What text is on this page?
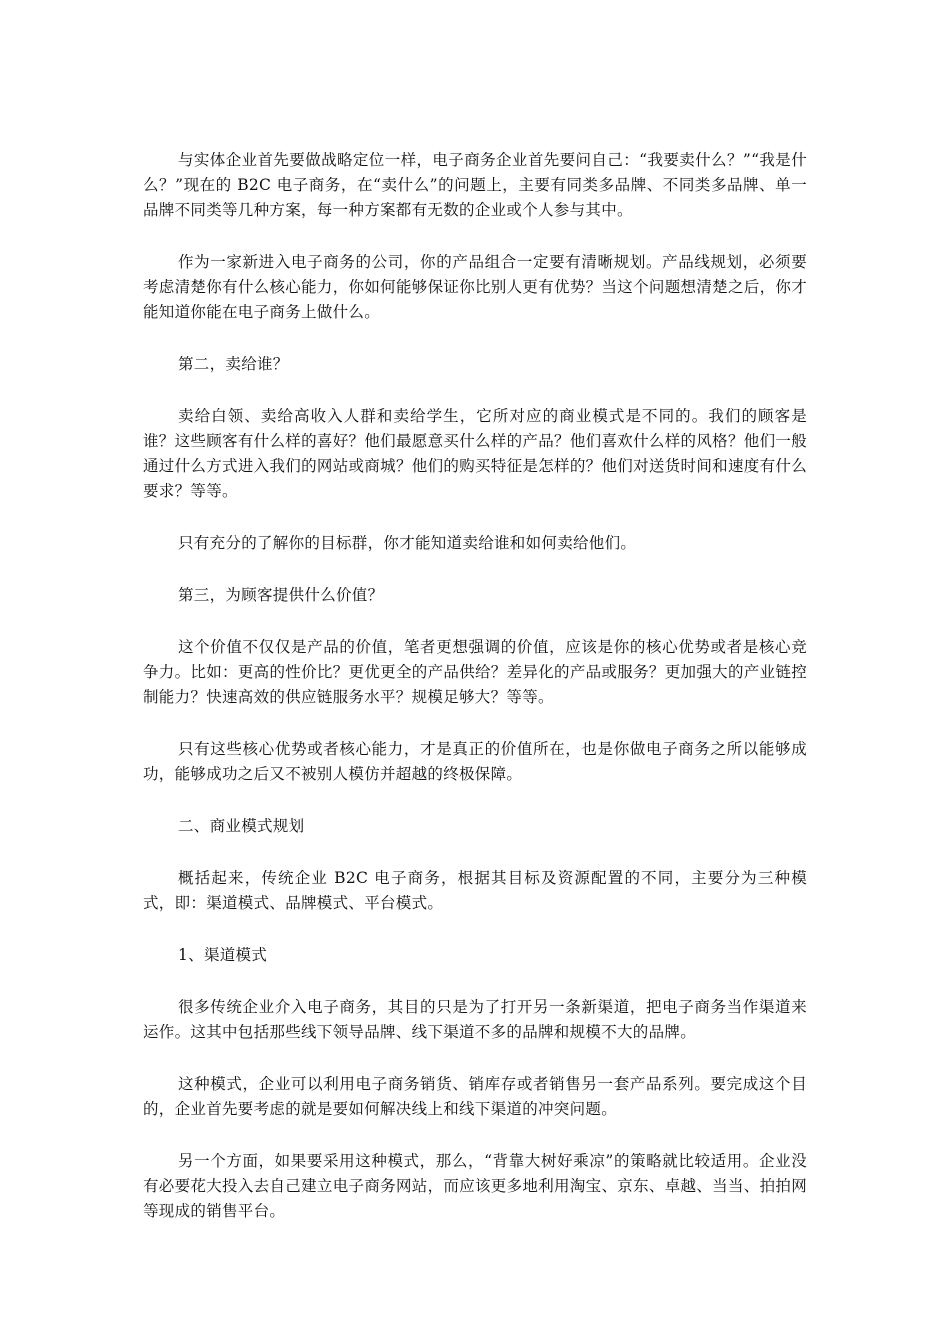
与实体企业首先要做战略定位一样，电子商务企业首先要问自己：“我要卖什么？”“我是什么？”现在的 B2C 电子商务，在“卖什么”的问题上，主要有同类多品牌、不同类多品牌、单一品牌不同类等几种方案，每一种方案都有无数的企业或个人参与其中。

作为一家新进入电子商务的公司，你的产品组合一定要有清晰规划。产品线规划，必须要考虑清楚你有什么核心能力，你如何能够保证你比别人更有优势？当这个问题想清楚之后，你才能知道你能在电子商务上做什么。

第二，卖给谁？

卖给白领、卖给高收入人群和卖给学生，它所对应的商业模式是不同的。我们的顾客是谁？这些顾客有什么样的喜好？他们最愿意买什么样的产品？他们喜欢什么样的风格？他们一般通过什么方式进入我们的网站或商城？他们的购买特征是怎样的？他们对送货时间和速度有什么要求？等等。

只有充分的了解你的目标群，你才能知道卖给谁和如何卖给他们。

第三，为顾客提供什么价值？

这个价值不仅仅是产品的价值，笔者更想强调的价值，应该是你的核心优势或者是核心竞争力。比如：更高的性价比？更优更全的产品供给？差异化的产品或服务？更加强大的产业链控制能力？快速高效的供应链服务水平？规模足够大？等等。

只有这些核心优势或者核心能力，才是真正的价值所在，也是你做电子商务之所以能够成功，能够成功之后又不被别人模仿并超越的终极保障。

二、商业模式规划

概括起来，传统企业 B2C 电子商务，根据其目标及资源配置的不同，主要分为三种模式，即：渠道模式、品牌模式、平台模式。

1、渠道模式

很多传统企业介入电子商务，其目的只是为了打开另一条新渠道，把电子商务当作渠道来运作。这其中包括那些线下领导品牌、线下渠道不多的品牌和规模不大的品牌。

这种模式，企业可以利用电子商务销货、销库存或者销售另一套产品系列。要完成这个目的，企业首先要考虑的就是要如何解决线上和线下渠道的冲突问题。

另一个方面，如果要采用这种模式，那么，“背靠大树好乘凉”的策略就比较适用。企业没有必要花大投入去自己建立电子商务网站，而应该更多地利用淘宝、京东、卓越、当当、拍拍网等现成的销售平台。
